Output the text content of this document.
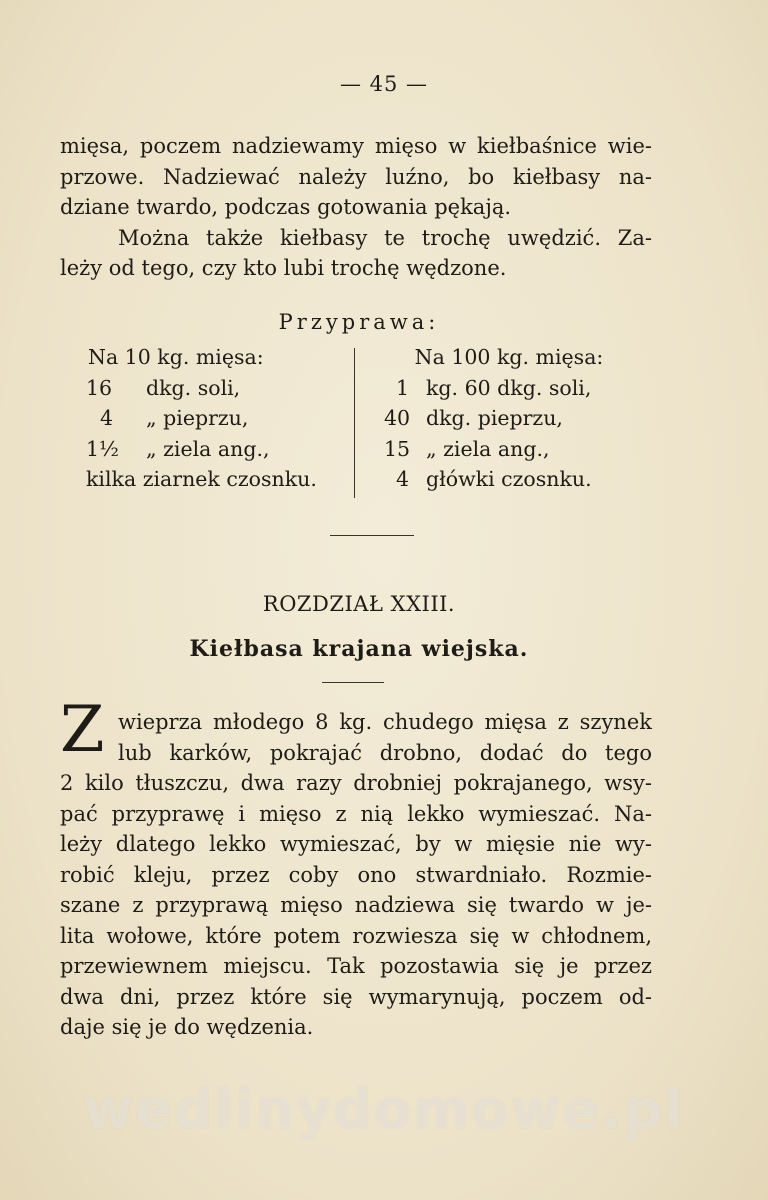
— 45 —
mięsa, poczem nadziewamy mięso w kiełbaśnice wie-
przowe. Nadziewać należy luźno, bo kiełbasy na-
dziane twardo, podczas gotowania pękają.
Można także kiełbasy te trochę uwędzić. Za-
leży od tego, czy kto lubi trochę wędzone.
Przyprawa:
Na 10 kg. mięsa:
16 dkg. soli,
4 „ pieprzu,
1½ „ ziela ang.,
kilka ziarnek czosnku.
Na 100 kg. mięsa:
1 kg. 60 dkg. soli,
40 dkg. pieprzu,
15 „ ziela ang.,
4 główki czosnku.
ROZDZIAŁ XXIII.
Kiełbasa krajana wiejska.
Z wieprza młodego 8 kg. chudego mięsa z szynek
lub karków, pokrajać drobno, dodać do tego
2 kilo tłuszczu, dwa razy drobniej pokrajanego, wsy-
pać przyprawę i mięso z nią lekko wymieszać. Na-
leży dlatego lekko wymieszać, by w mięsie nie wy-
robić kleju, przez coby ono stwardniało. Rozmie-
szane z przyprawą mięso nadziewa się twardo w je-
lita wołowe, które potem rozwiesza się w chłodnem,
przewiewnem miejscu. Tak pozostawia się je przez
dwa dni, przez które się wymarynują, poczem od-
daje się je do wędzenia.
wedlinydomowe.pl
